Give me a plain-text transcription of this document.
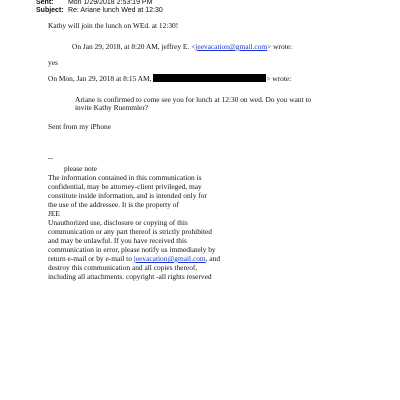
Sent: Mon 1/29/2018 2:53:19 PM
Subject: Re: Ariane lunch Wed at 12:30
Kathy will join the lunch on WEd. at 12:30!
On Jan 29, 2018, at 8:20 AM, jeffrey E. <jeevacation@gmail.com> wrote:
yes
On Mon, Jan 29, 2018 at 8:15 AM,	> wrote:
Ariane is confirmed to come see you for lunch at 12:30 on wed. Do you want to
invite Kathy Ruemmler?
Sent from my iPhone
--
please note
The information contained in this communication is
confidential, may be attorney-client privileged, may
constitute inside information, and is intended only for
the use of the addressee. It is the property of
JEE
Unauthorized use, disclosure or copying of this
communication or any part thereof is strictly prohibited
and may be unlawful. If you have received this
communication in error, please notify us immediately by
return e-mail or by e-mail to jeevacation@gmail.com, and
destroy this communication and all copies thereof,
including all attachments. copyright -all rights reserved
